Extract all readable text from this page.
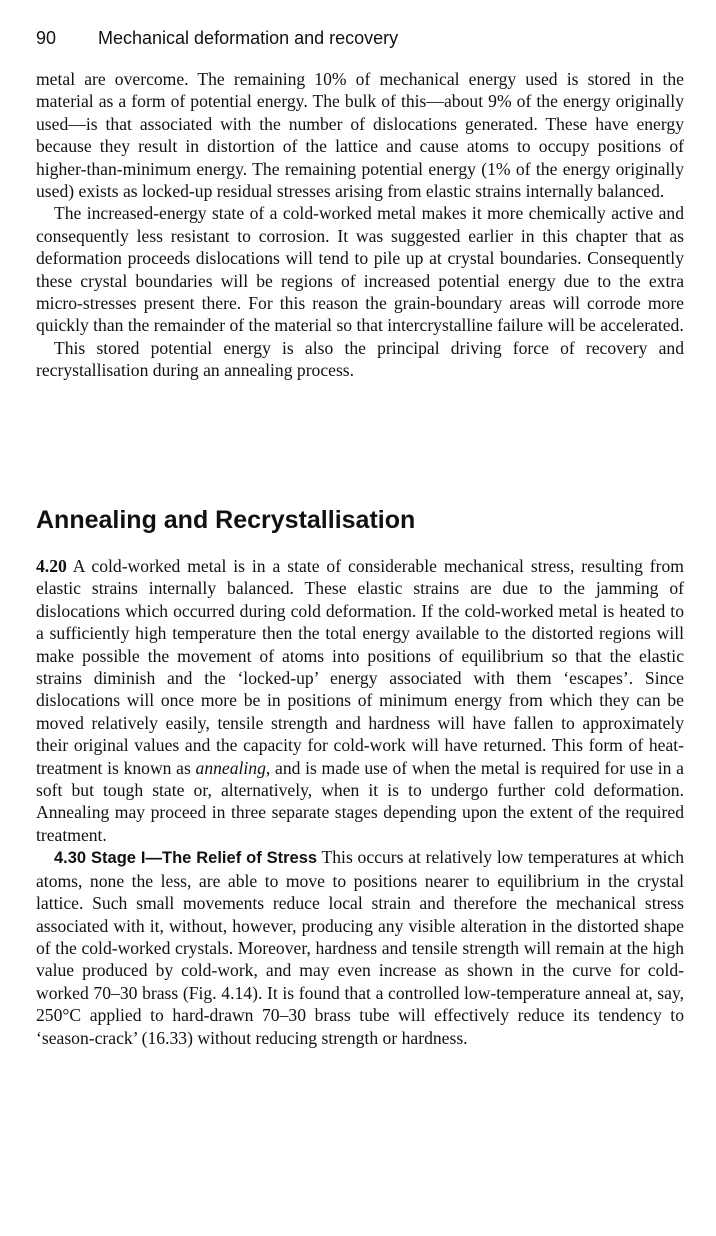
90 Mechanical deformation and recovery

metal are overcome. The remaining 10% of mechanical energy used is stored in the material as a form of potential energy. The bulk of this—about 9% of the energy originally used—is that associated with the number of dislocations generated. These have energy because they result in distortion of the lattice and cause atoms to occupy positions of higher-than-minimum energy. The remaining potential energy (1% of the energy originally used) exists as locked-up residual stresses arising from elastic strains internally balanced.

The increased-energy state of a cold-worked metal makes it more chemically active and consequently less resistant to corrosion. It was suggested earlier in this chapter that as deformation proceeds dislocations will tend to pile up at crystal boundaries. Consequently these crystal boundaries will be regions of increased potential energy due to the extra micro-stresses present there. For this reason the grain-boundary areas will corrode more quickly than the remainder of the material so that intercrystalline failure will be accelerated.

This stored potential energy is also the principal driving force of recovery and recrystallisation during an annealing process.

Annealing and Recrystallisation

4.20 A cold-worked metal is in a state of considerable mechanical stress, resulting from elastic strains internally balanced. These elastic strains are due to the jamming of dislocations which occurred during cold deformation. If the cold-worked metal is heated to a sufficiently high temperature then the total energy available to the distorted regions will make possible the movement of atoms into positions of equilibrium so that the elastic strains diminish and the ‘locked-up’ energy associated with them ‘escapes’. Since dislocations will once more be in positions of minimum energy from which they can be moved relatively easily, tensile strength and hardness will have fallen to approximately their original values and the capacity for cold-work will have returned. This form of heat-treatment is known as annealing, and is made use of when the metal is required for use in a soft but tough state or, alternatively, when it is to undergo further cold deformation. Annealing may proceed in three separate stages depending upon the extent of the required treatment.

4.30 Stage I—The Relief of Stress This occurs at relatively low temperatures at which atoms, none the less, are able to move to positions nearer to equilibrium in the crystal lattice. Such small movements reduce local strain and therefore the mechanical stress associated with it, without, however, producing any visible alteration in the distorted shape of the cold-worked crystals. Moreover, hardness and tensile strength will remain at the high value produced by cold-work, and may even increase as shown in the curve for cold-worked 70–30 brass (Fig. 4.14). It is found that a controlled low-temperature anneal at, say, 250°C applied to hard-drawn 70–30 brass tube will effectively reduce its tendency to ‘season-crack’ (16.33) without reducing strength or hardness.
